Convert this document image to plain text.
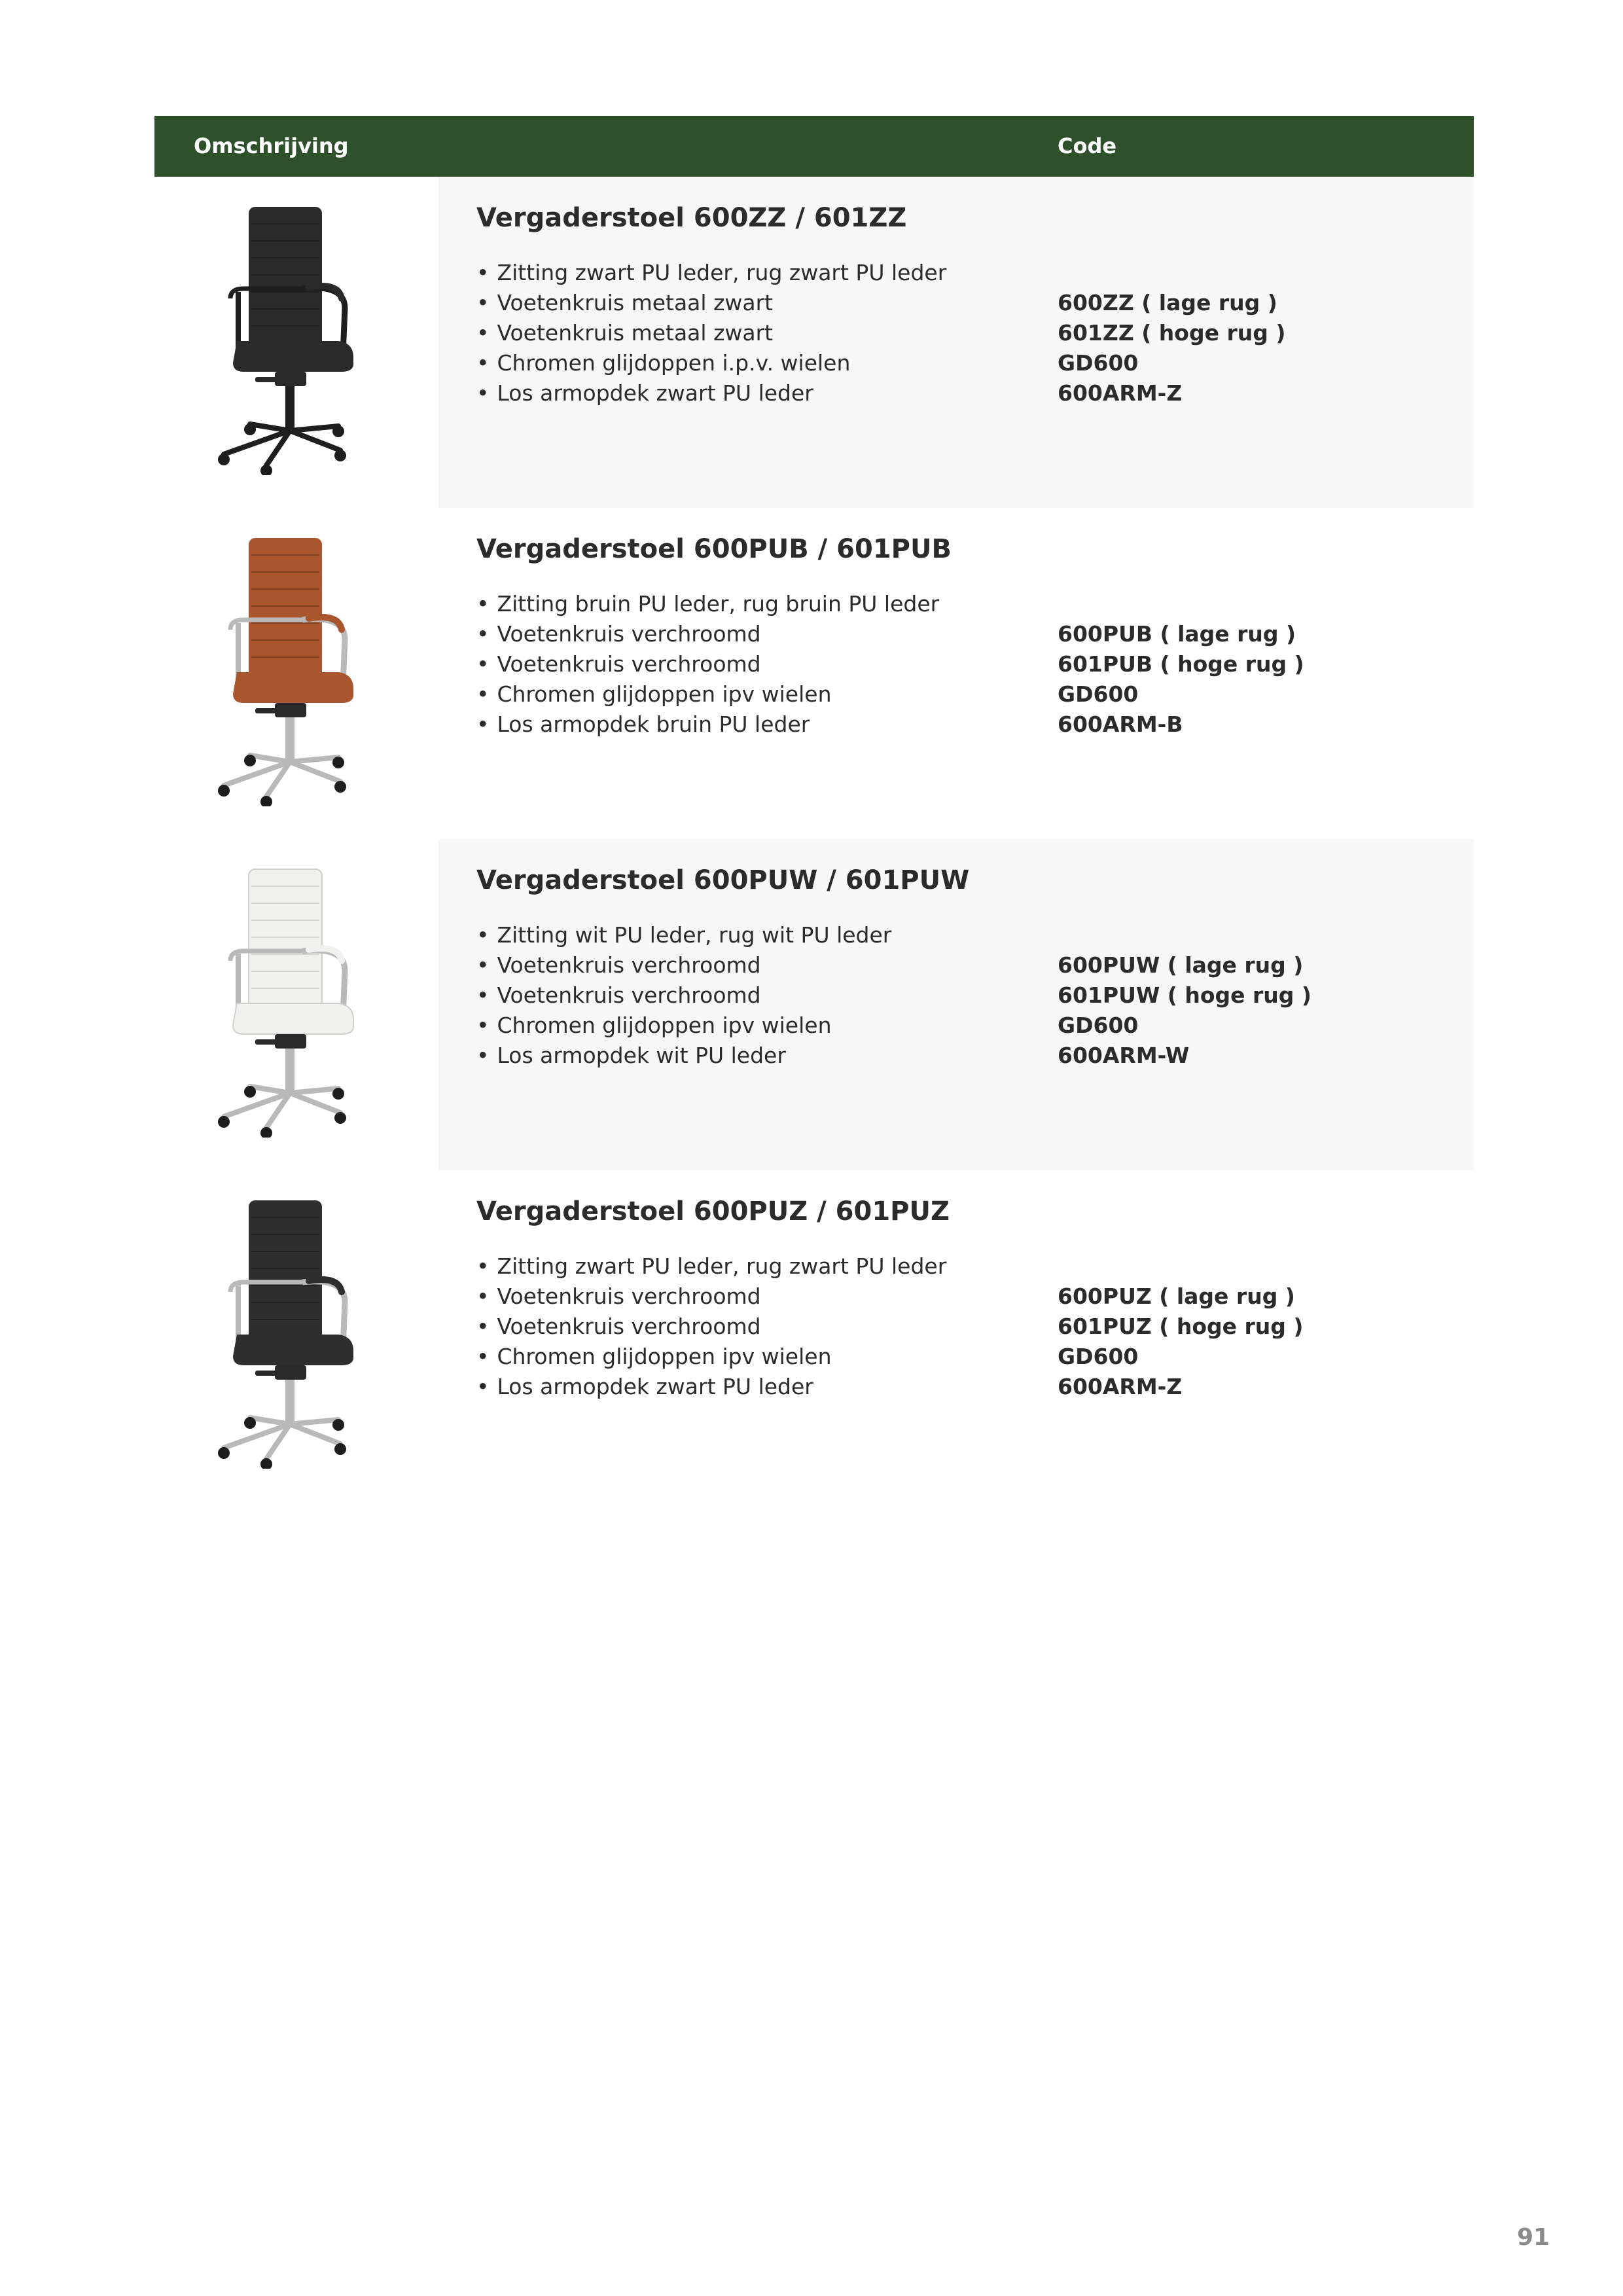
Omschrijving	Code
Vergaderstoel 600ZZ / 601ZZ
• Zitting zwart PU leder, rug zwart PU leder
• Voetenkruis metaal zwart
• Voetenkruis metaal zwart
• Chromen glijdoppen i.p.v. wielen
• Los armopdek zwart PU leder
600ZZ ( lage rug )
601ZZ ( hoge rug )
GD600
600ARM-Z
Vergaderstoel 600PUB / 601PUB
• Zitting bruin PU leder, rug bruin PU leder
• Voetenkruis verchroomd
• Voetenkruis verchroomd
• Chromen glijdoppen ipv wielen
• Los armopdek bruin PU leder
600PUB ( lage rug )
601PUB ( hoge rug )
GD600
600ARM-B
Vergaderstoel 600PUW / 601PUW
• Zitting wit PU leder, rug wit PU leder
• Voetenkruis verchroomd
• Voetenkruis verchroomd
• Chromen glijdoppen ipv wielen
• Los armopdek wit PU leder
600PUW ( lage rug )
601PUW ( hoge rug )
GD600
600ARM-W
Vergaderstoel 600PUZ / 601PUZ
• Zitting zwart PU leder, rug zwart PU leder
• Voetenkruis verchroomd
• Voetenkruis verchroomd
• Chromen glijdoppen ipv wielen
• Los armopdek zwart PU leder
600PUZ ( lage rug )
601PUZ ( hoge rug )
GD600
600ARM-Z
91
